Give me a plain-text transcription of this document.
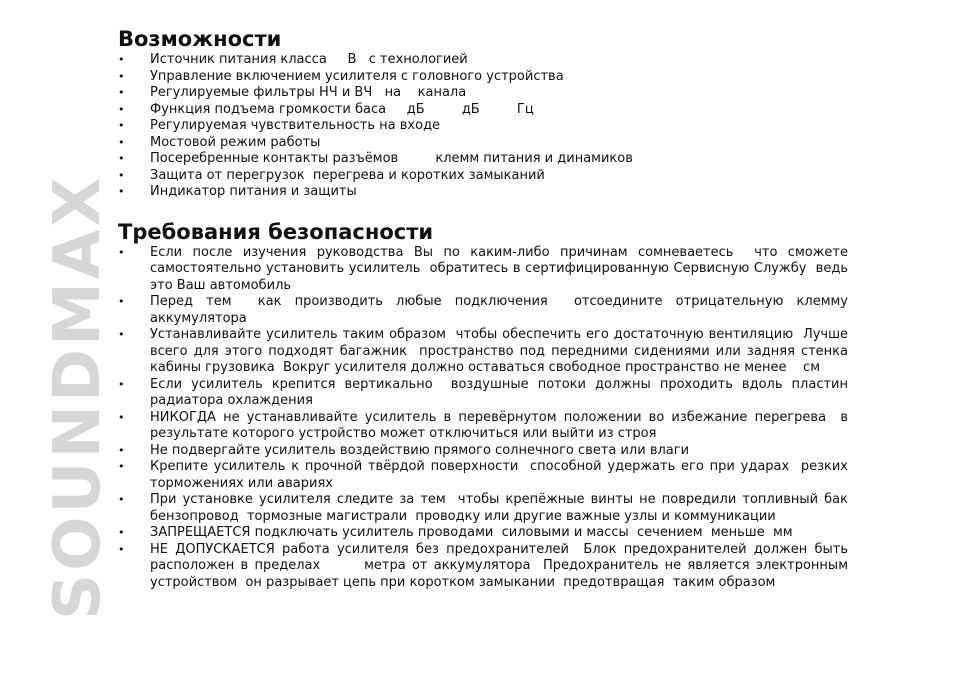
SOUNDMAX
Возможности
• Источник питания класса     В   с технологией
• Управление включением усилителя с головного устройства
• Регулируемые фильтры НЧ и ВЧ   на    канала
• Функция подъема громкости баса     дБ         дБ         Гц
• Регулируемая чувствительность на входе
• Мостовой режим работы
• Посеребренные контакты разъёмов         клемм питания и динамиков
• Защита от перегрузок  перегрева и коротких замыканий
• Индикатор питания и защиты
Требования безопасности
• Если после изучения руководства Вы по каким-либо причинам сомневаетесь  что сможете самостоятельно установить усилитель  обратитесь в сертифицированную Сервисную Службу  ведь это Ваш автомобиль
• Перед тем  как производить любые подключения  отсоедините отрицательную клемму аккумулятора
• Устанавливайте усилитель таким образом  чтобы обеспечить его достаточную вентиляцию  Лучше всего для этого подходят багажник  пространство под передними сидениями или задняя стенка кабины грузовика  Вокруг усилителя должно оставаться свободное пространство не менее    см
• Если усилитель крепится вертикально  воздушные потоки должны проходить вдоль пластин радиатора охлаждения
• НИКОГДА не устанавливайте усилитель в перевёрнутом положении во избежание перегрева  в результате которого устройство может отключиться или выйти из строя
• Не подвергайте усилитель воздействию прямого солнечного света или влаги
• Крепите усилитель к прочной твёрдой поверхности  способной удержать его при ударах  резких торможениях или авариях
• При установке усилителя следите за тем  чтобы крепёжные винты не повредили топливный бак  бензопровод  тормозные магистрали  проводку или другие важные узлы и коммуникации
• ЗАПРЕЩАЕТСЯ подключать усилитель проводами  силовыми и массы  сечением  меньше  мм
• НЕ ДОПУСКАЕТСЯ работа усилителя без предохранителей  Блок предохранителей должен быть расположен в пределах       метра от аккумулятора  Предохранитель не является электронным устройством  он разрывает цепь при коротком замыкании  предотвращая  таким образом
